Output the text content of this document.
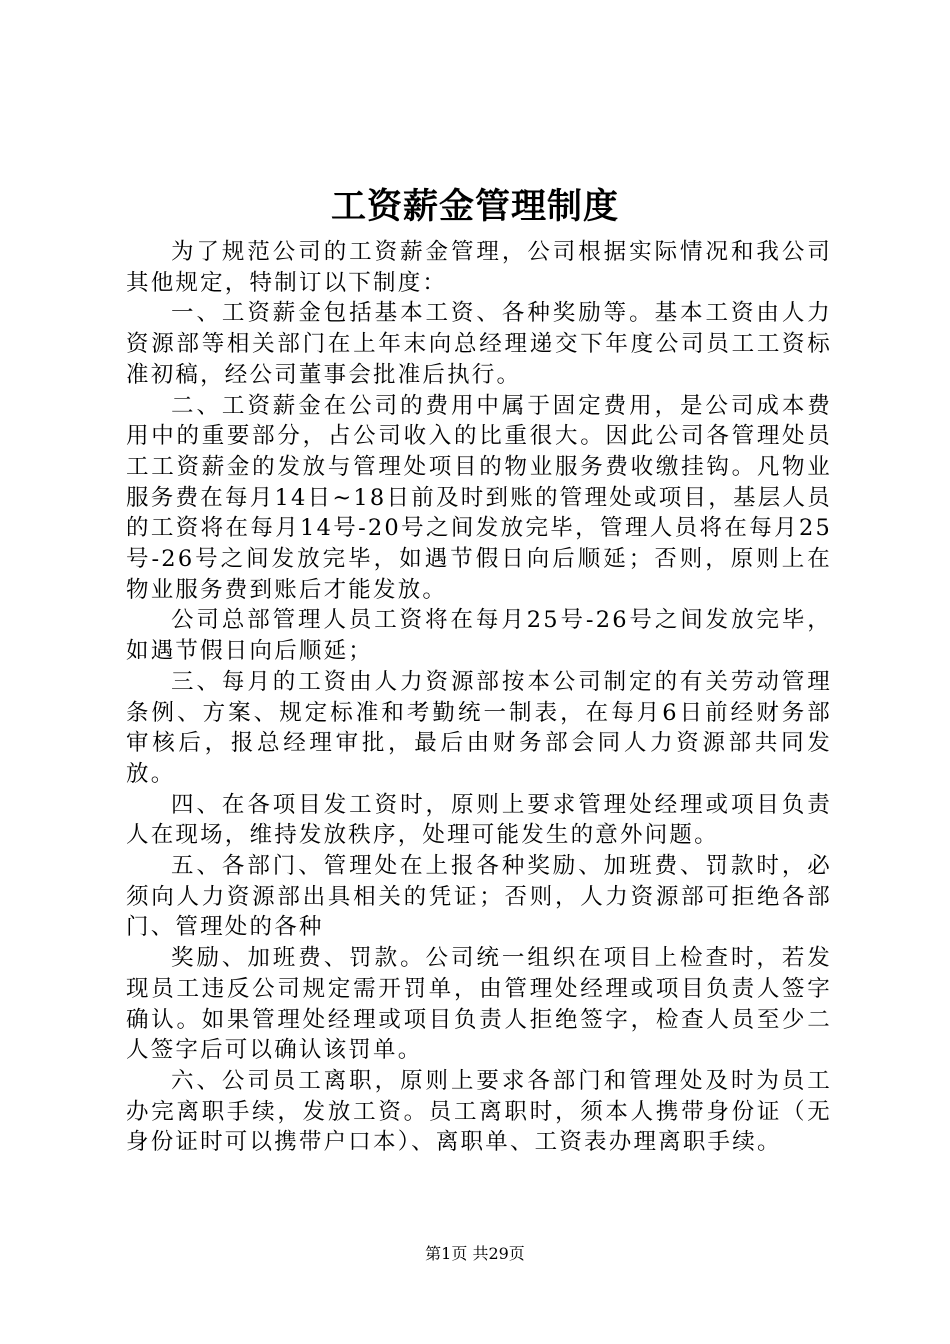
工资薪金管理制度

为了规范公司的工资薪金管理，公司根据实际情况和我公司其他规定，特制订以下制度：

一、工资薪金包括基本工资、各种奖励等。基本工资由人力资源部等相关部门在上年末向总经理递交下年度公司员工工资标准初稿，经公司董事会批准后执行。

二、工资薪金在公司的费用中属于固定费用，是公司成本费用中的重要部分，占公司收入的比重很大。因此公司各管理处员工工资薪金的发放与管理处项目的物业服务费收缴挂钩。凡物业服务费在每月14日~18日前及时到账的管理处或项目，基层人员的工资将在每月14号-20号之间发放完毕，管理人员将在每月25号-26号之间发放完毕，如遇节假日向后顺延；否则，原则上在物业服务费到账后才能发放。

公司总部管理人员工资将在每月25号-26号之间发放完毕，如遇节假日向后顺延；

三、每月的工资由人力资源部按本公司制定的有关劳动管理条例、方案、规定标准和考勤统一制表，在每月6日前经财务部审核后，报总经理审批，最后由财务部会同人力资源部共同发放。

四、在各项目发工资时，原则上要求管理处经理或项目负责人在现场，维持发放秩序，处理可能发生的意外问题。

五、各部门、管理处在上报各种奖励、加班费、罚款时，必须向人力资源部出具相关的凭证；否则，人力资源部可拒绝各部门、管理处的各种

奖励、加班费、罚款。公司统一组织在项目上检查时，若发现员工违反公司规定需开罚单，由管理处经理或项目负责人签字确认。如果管理处经理或项目负责人拒绝签字，检查人员至少二人签字后可以确认该罚单。

六、公司员工离职，原则上要求各部门和管理处及时为员工办完离职手续，发放工资。员工离职时，须本人携带身份证（无身份证时可以携带户口本）、离职单、工资表办理离职手续。

第1页 共29页
